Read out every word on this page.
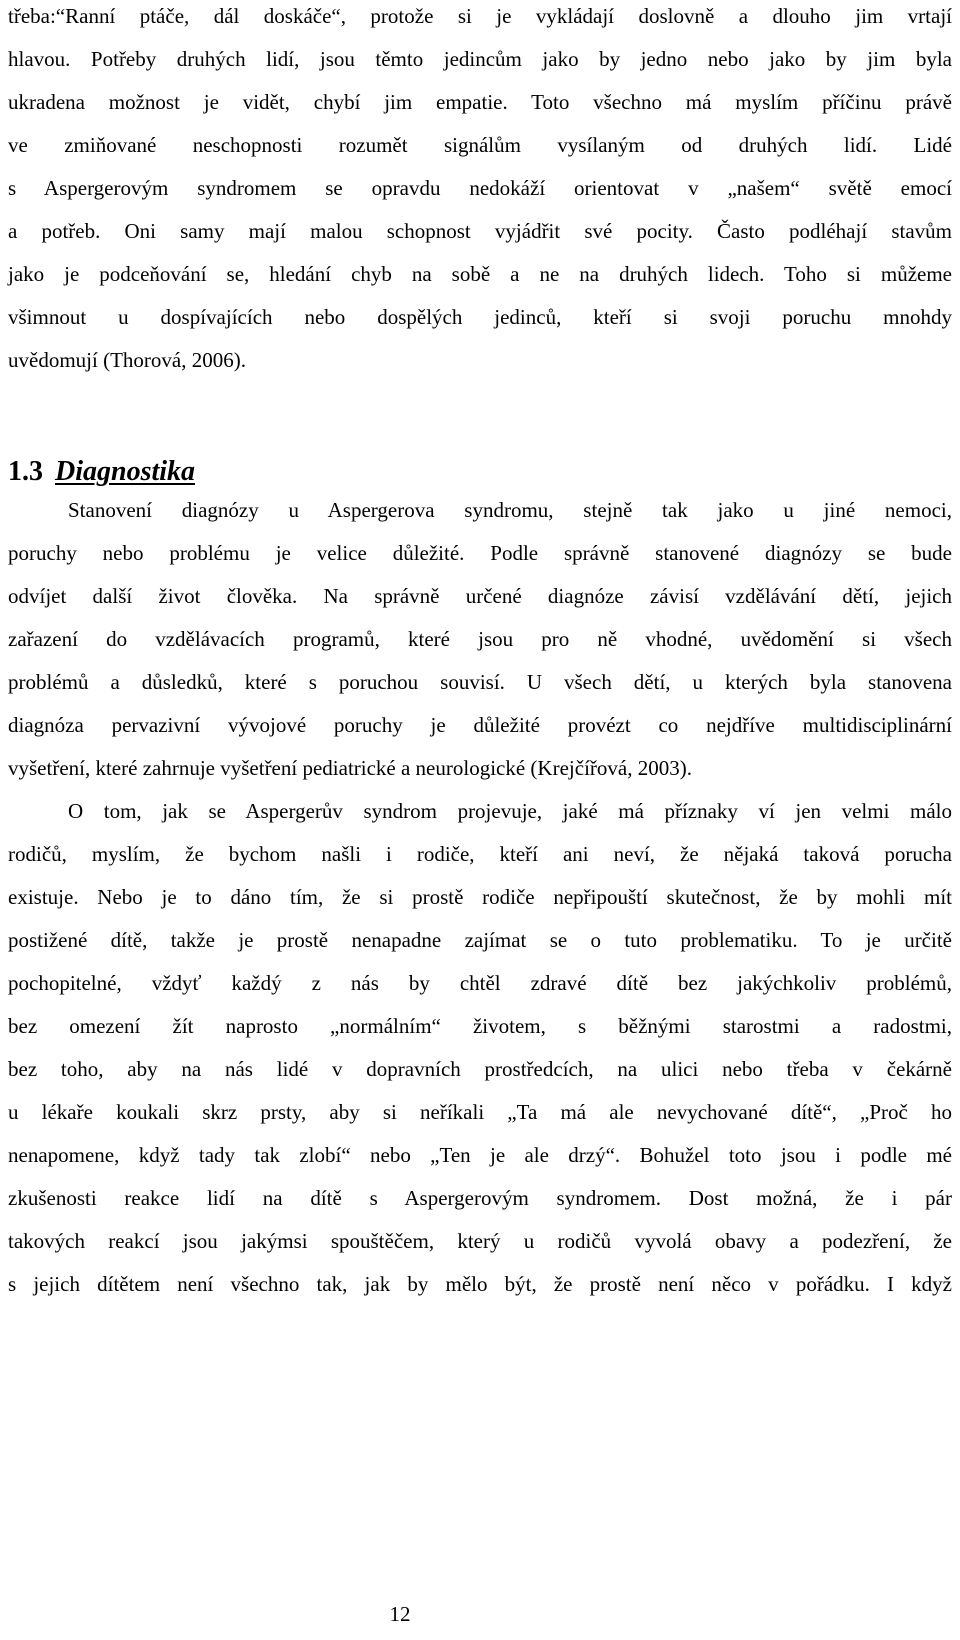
třeba:“Ranní ptáče, dál doskáče“, protože si je vykládají doslovně a dlouho jim vrtají
hlavou. Potřeby druhých lidí, jsou těmto jedincům jako by jedno nebo jako by jim byla
ukradena možnost je vidět, chybí jim empatie. Toto všechno má myslím příčinu právě
ve zmiňované neschopnosti rozumět signálům vysílaným od druhých lidí. Lidé
s Aspergerovým syndromem se opravdu nedokáží orientovat v „našem“ světě emocí
a potřeb. Oni samy mají malou schopnost vyjádřit své pocity. Často podléhají stavům
jako je podceňování se, hledání chyb na sobě a ne na druhých lidech. Toho si můžeme
všimnout u dospívajících nebo dospělých jedinců, kteří si svoji poruchu mnohdy
uvědomují (Thorová, 2006).
1.3 Diagnostika
Stanovení diagnózy u Aspergerova syndromu, stejně tak jako u jiné nemoci,
poruchy nebo problému je velice důležité. Podle správně stanovené diagnózy se bude
odvíjet další život člověka. Na správně určené diagnóze závisí vzdělávání dětí, jejich
zařazení do vzdělávacích programů, které jsou pro ně vhodné, uvědomění si všech
problémů a důsledků, které s poruchou souvisí. U všech dětí, u kterých byla stanovena
diagnóza pervazivní vývojové poruchy je důležité provézt co nejdříve multidisciplinární
vyšetření, které zahrnuje vyšetření pediatrické a neurologické (Krejčířová, 2003).
O tom, jak se Aspergerův syndrom projevuje, jaké má příznaky ví jen velmi málo
rodičů, myslím, že bychom našli i rodiče, kteří ani neví, že nějaká taková porucha
existuje. Nebo je to dáno tím, že si prostě rodiče nepřipouští skutečnost, že by mohli mít
postižené dítě, takže je prostě nenapadne zajímat se o tuto problematiku. To je určitě
pochopitelné, vždyť každý z nás by chtěl zdravé dítě bez jakýchkoliv problémů,
bez omezení žít naprosto „normálním“ životem, s běžnými starostmi a radostmi,
bez toho, aby na nás lidé v dopravních prostředcích, na ulici nebo třeba v čekárně
u lékaře koukali skrz prsty, aby si neříkali „Ta má ale nevychované dítě“, „Proč ho
nenapomene, když tady tak zlobí“ nebo „Ten je ale drzý“. Bohužel toto jsou i podle mé
zkušenosti reakce lidí na dítě s Aspergerovým syndromem. Dost možná, že i pár
takových reakcí jsou jakýmsi spouštěčem, který u rodičů vyvolá obavy a podezření, že
s jejich dítětem není všechno tak, jak by mělo být, že prostě není něco v pořádku. I když
12
